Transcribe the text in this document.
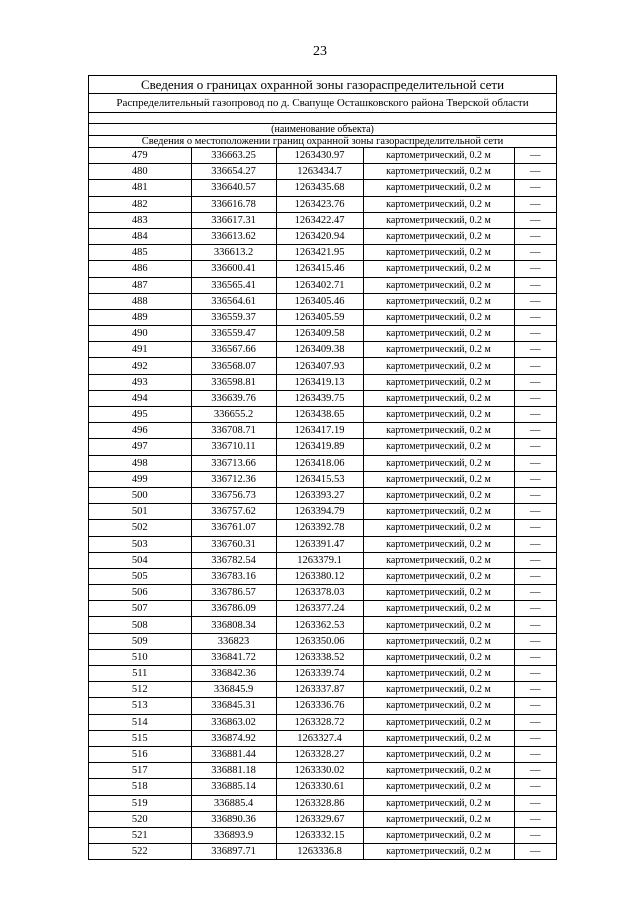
23
Сведения о границах охранной зоны газораспределительной сети
Распределительный газопровод по д. Свапуще Осташковского района Тверской области
(наименование объекта)
Сведения о местоположении границ охранной зоны газораспределительной сети
479	336663.25	1263430.97	картометрический, 0.2 м	—
480	336654.27	1263434.7	картометрический, 0.2 м	—
481	336640.57	1263435.68	картометрический, 0.2 м	—
482	336616.78	1263423.76	картометрический, 0.2 м	—
483	336617.31	1263422.47	картометрический, 0.2 м	—
484	336613.62	1263420.94	картометрический, 0.2 м	—
485	336613.2	1263421.95	картометрический, 0.2 м	—
486	336600.41	1263415.46	картометрический, 0.2 м	—
487	336565.41	1263402.71	картометрический, 0.2 м	—
488	336564.61	1263405.46	картометрический, 0.2 м	—
489	336559.37	1263405.59	картометрический, 0.2 м	—
490	336559.47	1263409.58	картометрический, 0.2 м	—
491	336567.66	1263409.38	картометрический, 0.2 м	—
492	336568.07	1263407.93	картометрический, 0.2 м	—
493	336598.81	1263419.13	картометрический, 0.2 м	—
494	336639.76	1263439.75	картометрический, 0.2 м	—
495	336655.2	1263438.65	картометрический, 0.2 м	—
496	336708.71	1263417.19	картометрический, 0.2 м	—
497	336710.11	1263419.89	картометрический, 0.2 м	—
498	336713.66	1263418.06	картометрический, 0.2 м	—
499	336712.36	1263415.53	картометрический, 0.2 м	—
500	336756.73	1263393.27	картометрический, 0.2 м	—
501	336757.62	1263394.79	картометрический, 0.2 м	—
502	336761.07	1263392.78	картометрический, 0.2 м	—
503	336760.31	1263391.47	картометрический, 0.2 м	—
504	336782.54	1263379.1	картометрический, 0.2 м	—
505	336783.16	1263380.12	картометрический, 0.2 м	—
506	336786.57	1263378.03	картометрический, 0.2 м	—
507	336786.09	1263377.24	картометрический, 0.2 м	—
508	336808.34	1263362.53	картометрический, 0.2 м	—
509	336823	1263350.06	картометрический, 0.2 м	—
510	336841.72	1263338.52	картометрический, 0.2 м	—
511	336842.36	1263339.74	картометрический, 0.2 м	—
512	336845.9	1263337.87	картометрический, 0.2 м	—
513	336845.31	1263336.76	картометрический, 0.2 м	—
514	336863.02	1263328.72	картометрический, 0.2 м	—
515	336874.92	1263327.4	картометрический, 0.2 м	—
516	336881.44	1263328.27	картометрический, 0.2 м	—
517	336881.18	1263330.02	картометрический, 0.2 м	—
518	336885.14	1263330.61	картометрический, 0.2 м	—
519	336885.4	1263328.86	картометрический, 0.2 м	—
520	336890.36	1263329.67	картометрический, 0.2 м	—
521	336893.9	1263332.15	картометрический, 0.2 м	—
522	336897.71	1263336.8	картометрический, 0.2 м	—
